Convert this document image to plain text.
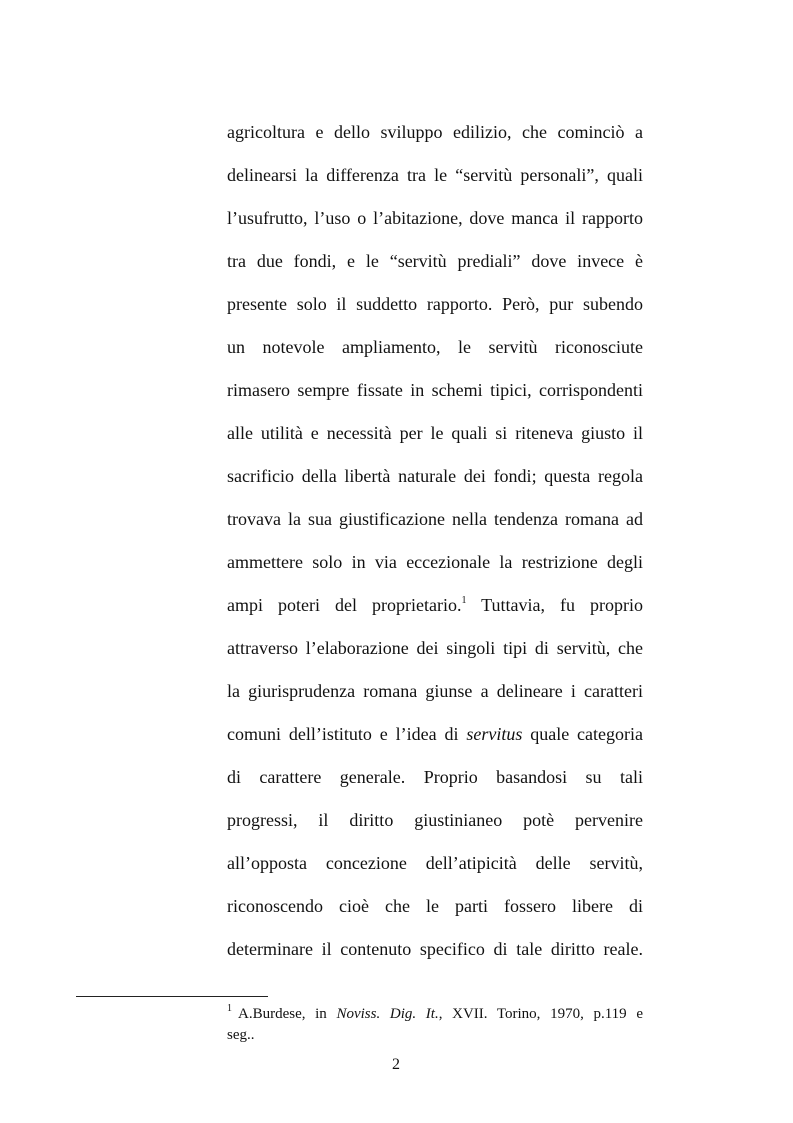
agricoltura e dello sviluppo edilizio, che cominciò a
delinearsi la differenza tra le “servitù personali”, quali
l’usufrutto, l’uso o l’abitazione, dove manca il rapporto
tra due fondi, e le “servitù prediali” dove invece è
presente solo il suddetto rapporto. Però, pur subendo
un notevole ampliamento, le servitù riconosciute
rimasero sempre fissate in schemi tipici, corrispondenti
alle utilità e necessità per le quali si riteneva giusto il
sacrificio della libertà naturale dei fondi; questa regola
trovava la sua giustificazione nella tendenza romana ad
ammettere solo in via eccezionale la restrizione degli
ampi poteri del proprietario.$^1$ Tuttavia, fu proprio
attraverso l’elaborazione dei singoli tipi di servitù, che
la giurisprudenza romana giunse a delineare i caratteri
comuni dell’istituto e l’idea di servitus quale categoria
di carattere generale. Proprio basandosi su tali
progressi, il diritto giustinianeo potè pervenire
all’opposta concezione dell’atipicità delle servitù,
riconoscendo cioè che le parti fossero libere di
determinare il contenuto specifico di tale diritto reale.
$^1$ A.Burdese, in Noviss. Dig. It., XVII. Torino, 1970, p.119 e
seg..
2
